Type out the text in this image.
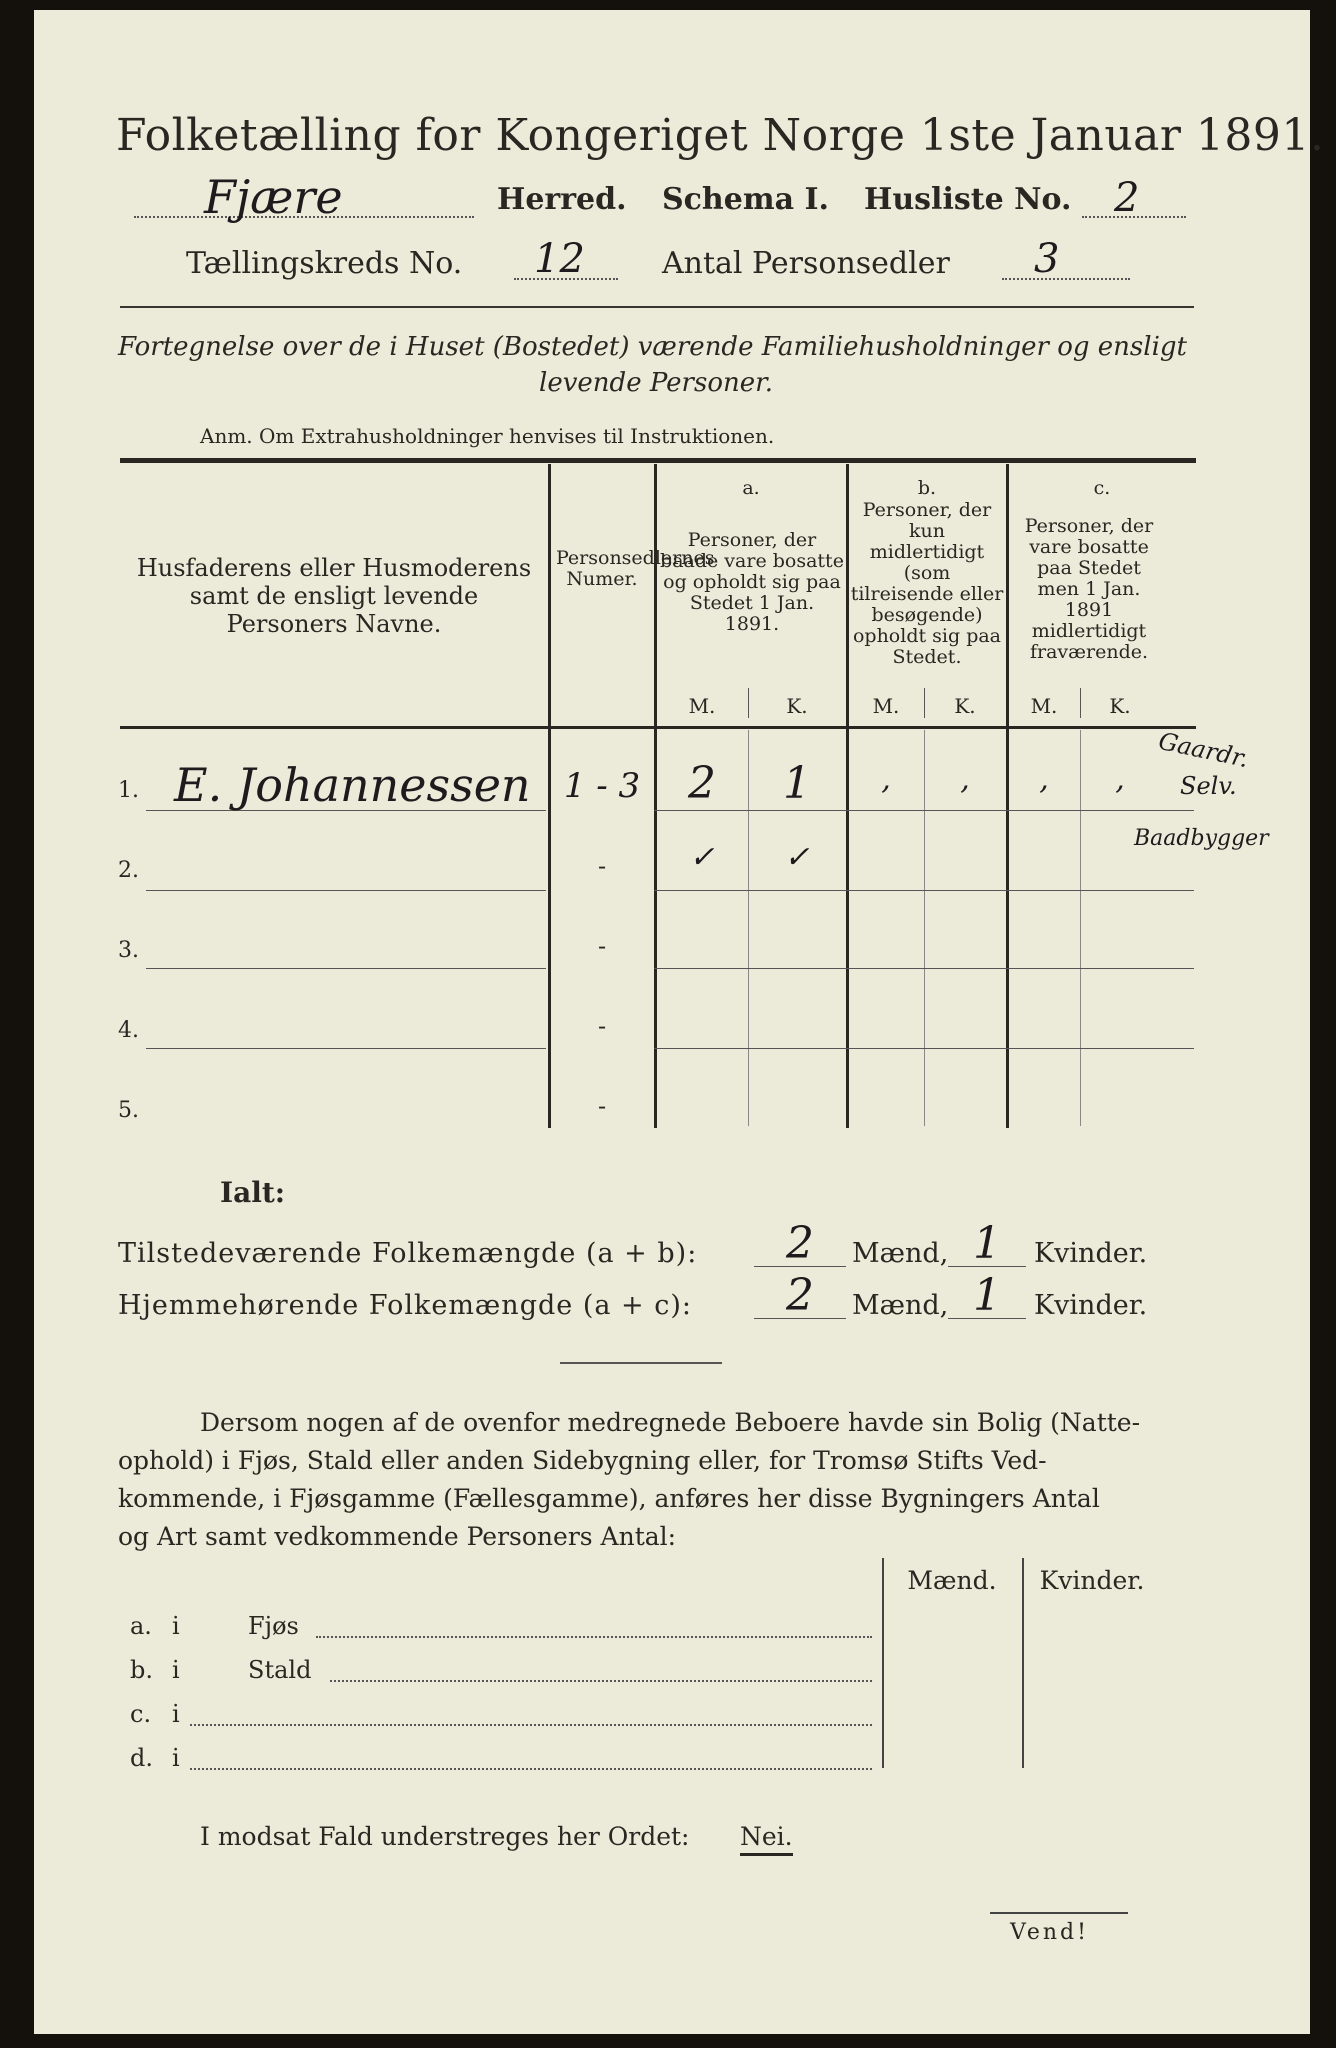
Folketælling for Kongeriget Norge 1ste Januar 1891.
Fjære	Herred. Schema I. Husliste No. 2
Tællingskreds No. 12	Antal Personsedler 3
Fortegnelse over de i Huset (Bostedet) værende Familiehusholdninger og ensligt
levende Personer.
Anm. Om Extrahusholdninger henvises til Instruktionen.
Husfaderens eller Husmoderens samt de ensligt levende Personers Navne.
Personsedlernes Numer.
a.
Personer, der baade vare bosatte og opholdt sig paa Stedet 1 Jan. 1891.
b.
Personer, der kun midlertidigt (som tilreisende eller besøgende) opholdt sig paa Stedet.
c.
Personer, der vare bosatte paa Stedet men 1 Jan. 1891 midlertidigt fraværende.
M.	K.	M.	K.	M.	K.
1. E. Johannessen 1 - 3	2	1	,	,	,	,
2.	-	✓	✓
3.	-
4.	-
5.	-
Gaardr.
Selv.
Baadbygger
Ialt:
Tilstedeværende Folkemængde (a + b):	2	Mænd, 1	Kvinder.
Hjemmehørende Folkemængde (a + c):	2	Mænd, 1	Kvinder.
Dersom nogen af de ovenfor medregnede Beboere havde sin Bolig (Natte-
ophold) i Fjøs, Stald eller anden Sidebygning eller, for Tromsø Stifts Ved-
kommende, i Fjøsgamme (Fællesgamme), anføres her disse Bygningers Antal
og Art samt vedkommende Personers Antal:
Mænd.	Kvinder.
a. i	Fjøs
b. i	Stald
c. i
d. i
I modsat Fald understreges her Ordet: Nei.
Vend!
